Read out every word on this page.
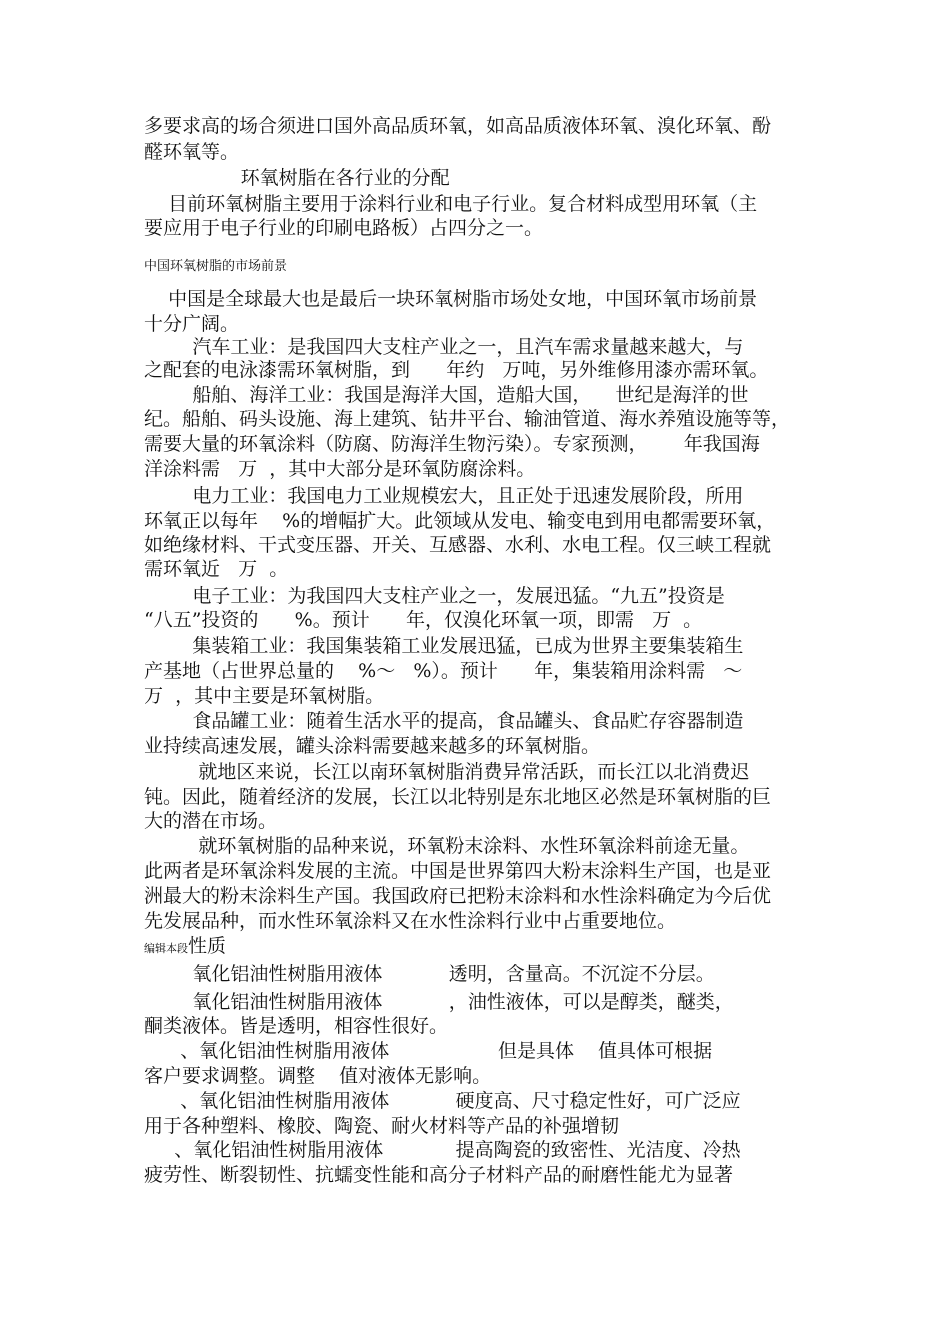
多要求高的场合须进口国外高品质环氧，如高品质液体环氧、溴化环氧、酚
醛环氧等。
环氧树脂在各行业的分配
目前环氧树脂主要用于涂料行业和电子行业。复合材料成型用环氧（主
要应用于电子行业的印刷电路板）占四分之一。
中国环氧树脂的市场前景
中国是全球最大也是最后一块环氧树脂市场处女地，中国环氧市场前景
十分广阔。
汽车工业：是我国四大支柱产业之一，且汽车需求量越来越大，与
之配套的电泳漆需环氧树脂，到      年约   万吨，另外维修用漆亦需环氧。
船舶、海洋工业：我国是海洋大国，造船大国，    世纪是海洋的世
纪。船舶、码头设施、海上建筑、钻井平台、输油管道、海水养殖设施等等，
需要大量的环氧涂料（防腐、防海洋生物污染）。专家预测，      年我国海
洋涂料需   万  ，其中大部分是环氧防腐涂料。
电力工业：我国电力工业规模宏大，且正处于迅速发展阶段，所用
环氧正以每年    %的增幅扩大。此领域从发电、输变电到用电都需要环氧，
如绝缘材料、干式变压器、开关、互感器、水利、水电工程。仅三峡工程就
需环氧近   万  。
电子工业：为我国四大支柱产业之一，发展迅猛。“九五”投资是
“八五”投资的      %。预计      年，仅溴化环氧一项，即需   万  。
集装箱工业：我国集装箱工业发展迅猛，已成为世界主要集装箱生
产基地（占世界总量的    %～   %）。预计      年，集装箱用涂料需   ～
万  ，其中主要是环氧树脂。
食品罐工业：随着生活水平的提高，食品罐头、食品贮存容器制造
业持续高速发展，罐头涂料需要越来越多的环氧树脂。
就地区来说，长江以南环氧树脂消费异常活跃，而长江以北消费迟
钝。因此，随着经济的发展，长江以北特别是东北地区必然是环氧树脂的巨
大的潜在市场。
就环氧树脂的品种来说，环氧粉末涂料、水性环氧涂料前途无量。
此两者是环氧涂料发展的主流。中国是世界第四大粉末涂料生产国，也是亚
洲最大的粉末涂料生产国。我国政府已把粉末涂料和水性涂料确定为今后优
先发展品种，而水性环氧涂料又在水性涂料行业中占重要地位。
编辑本段性质
氧化铝油性树脂用液体           透明，含量高。不沉淀不分层。
氧化铝油性树脂用液体           ，油性液体，可以是醇类，醚类，
酮类液体。皆是透明，相容性很好。
、氧化铝油性树脂用液体                  但是具体    值具体可根据
客户要求调整。调整    值对液体无影响。
、氧化铝油性树脂用液体           硬度高、尺寸稳定性好，可广泛应
用于各种塑料、橡胶、陶瓷、耐火材料等产品的补强增韧
、氧化铝油性树脂用液体            提高陶瓷的致密性、光洁度、冷热
疲劳性、断裂韧性、抗蠕变性能和高分子材料产品的耐磨性能尤为显著
